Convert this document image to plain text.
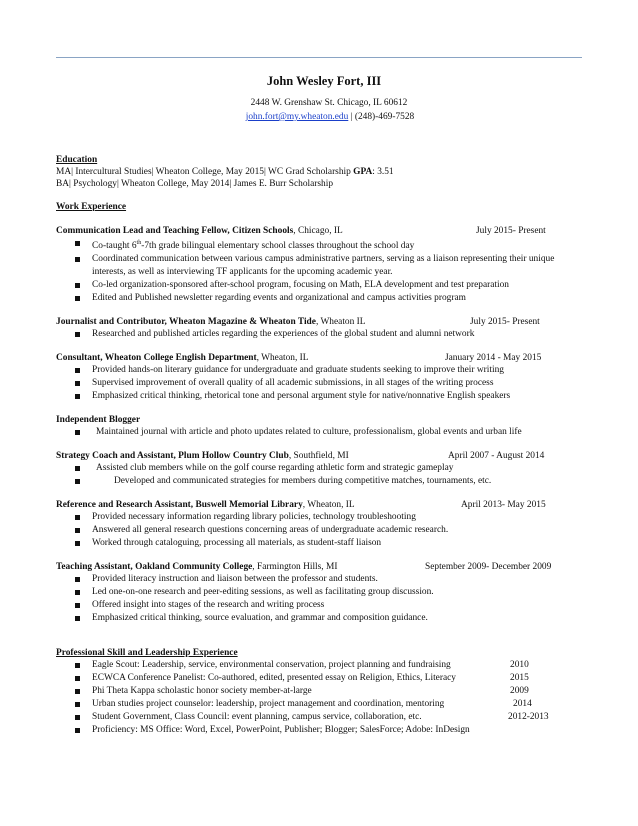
John Wesley Fort, III
2448 W. Grenshaw St. Chicago, IL 60612
john.fort@my.wheaton.edu | (248)-469-7528
Education
MA| Intercultural Studies| Wheaton College, May 2015| WC Grad Scholarship GPA: 3.51
BA| Psychology| Wheaton College, May 2014| James E. Burr Scholarship
Work Experience
Communication Lead and Teaching Fellow, Citizen Schools, Chicago, IL	July 2015- Present
Co-taught 6th-7th grade bilingual elementary school classes throughout the school day
Coordinated communication between various campus administrative partners, serving as a liaison representing their unique interests, as well as interviewing TF applicants for the upcoming academic year.
Co-led organization-sponsored after-school program, focusing on Math, ELA development and test preparation
Edited and Published newsletter regarding events and organizational and campus activities program
Journalist and Contributor, Wheaton Magazine & Wheaton Tide, Wheaton IL	July 2015- Present
Researched and published articles regarding the experiences of the global student and alumni network
Consultant, Wheaton College English Department, Wheaton, IL	January 2014 - May 2015
Provided hands-on literary guidance for undergraduate and graduate students seeking to improve their writing
Supervised improvement of overall quality of all academic submissions, in all stages of the writing process
Emphasized critical thinking, rhetorical tone and personal argument style for native/nonnative English speakers
Independent Blogger
Maintained journal with article and photo updates related to culture, professionalism, global events and urban life
Strategy Coach and Assistant, Plum Hollow Country Club, Southfield, MI	April 2007 - August 2014
Assisted club members while on the golf course regarding athletic form and strategic gameplay
Developed and communicated strategies for members during competitive matches, tournaments, etc.
Reference and Research Assistant, Buswell Memorial Library, Wheaton, IL	April 2013- May 2015
Provided necessary information regarding library policies, technology troubleshooting
Answered all general research questions concerning areas of undergraduate academic research.
Worked through cataloguing, processing all materials, as student-staff liaison
Teaching Assistant, Oakland Community College, Farmington Hills, MI	September 2009- December 2009
Provided literacy instruction and liaison between the professor and students.
Led one-on-one research and peer-editing sessions, as well as facilitating group discussion.
Offered insight into stages of the research and writing process
Emphasized critical thinking, source evaluation, and grammar and composition guidance.
Professional Skill and Leadership Experience
Eagle Scout: Leadership, service, environmental conservation, project planning and fundraising	2010
ECWCA Conference Panelist: Co-authored, edited, presented essay on Religion, Ethics, Literacy	2015
Phi Theta Kappa scholastic honor society member-at-large	2009
Urban studies project counselor: leadership, project management and coordination, mentoring	2014
Student Government, Class Council: event planning, campus service, collaboration, etc.	2012-2013
Proficiency: MS Office: Word, Excel, PowerPoint, Publisher; Blogger; SalesForce; Adobe: InDesign
